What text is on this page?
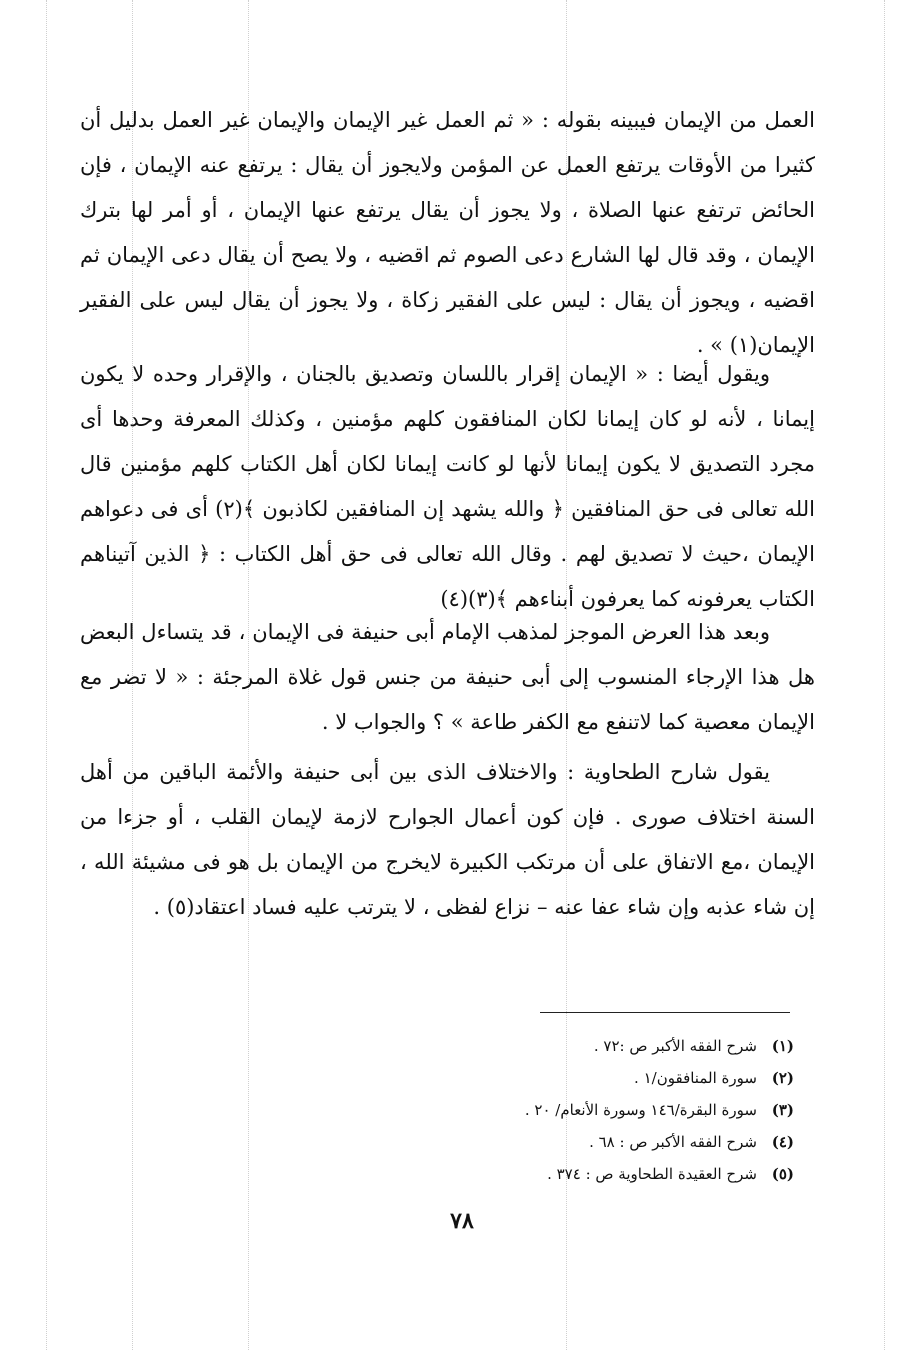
العمل من الإيمان فيبينه بقوله : « ثم العمل غير الإيمان والإيمان غير العمل بدليل أن كثيرا من الأوقات يرتفع العمل عن المؤمن ولايجوز أن يقال : يرتفع عنه الإيمان ، فإن الحائض ترتفع عنها الصلاة ، ولا يجوز أن يقال يرتفع عنها الإيمان ، أو أمر لها بترك الإيمان ، وقد قال لها الشارع دعى الصوم ثم اقضيه ، ولا يصح أن يقال دعى الإيمان ثم اقضيه ، ويجوز أن يقال : ليس على الفقير زكاة ، ولا يجوز أن يقال ليس على الفقير الإيمان(١) » .

ويقول أيضا : « الإيمان إقرار باللسان وتصديق بالجنان ، والإقرار وحده لا يكون إيمانا ، لأنه لو كان إيمانا لكان المنافقون كلهم مؤمنين ، وكذلك المعرفة وحدها أى مجرد التصديق لا يكون إيمانا لأنها لو كانت إيمانا لكان أهل الكتاب كلهم مؤمنين قال الله تعالى فى حق المنافقين ﴿ والله يشهد إن المنافقين لكاذبون ﴾(٢) أى فى دعواهم الإيمان ،حيث لا تصديق لهم . وقال الله تعالى فى حق أهل الكتاب : ﴿ الذين آتيناهم الكتاب يعرفونه كما يعرفون أبناءهم ﴾(٣)(٤)

وبعد هذا العرض الموجز لمذهب الإمام أبى حنيفة فى الإيمان ، قد يتساءل البعض هل هذا الإرجاء المنسوب إلى أبى حنيفة من جنس قول غلاة المرجئة : « لا تضر مع الإيمان معصية كما لاتنفع مع الكفر طاعة » ؟ والجواب لا .

يقول شارح الطحاوية : والاختلاف الذى بين أبى حنيفة والأئمة الباقين من أهل السنة اختلاف صورى . فإن كون أعمال الجوارح لازمة لإيمان القلب ، أو جزءا من الإيمان ،مع الاتفاق على أن مرتكب الكبيرة لايخرج من الإيمان بل هو فى مشيئة الله ، إن شاء عذبه وإن شاء عفا عنه – نزاع لفظى ، لا يترتب عليه فساد اعتقاد(٥) .

(١) شرح الفقه الأكبر ص :٧٢ .
(٢) سورة المنافقون/١ .
(٣) سورة البقرة/١٤٦ وسورة الأنعام/ ٢٠ .
(٤) شرح الفقه الأكبر ص : ٦٨ .
(٥) شرح العقيدة الطحاوية ص : ٣٧٤ .
٧٨
